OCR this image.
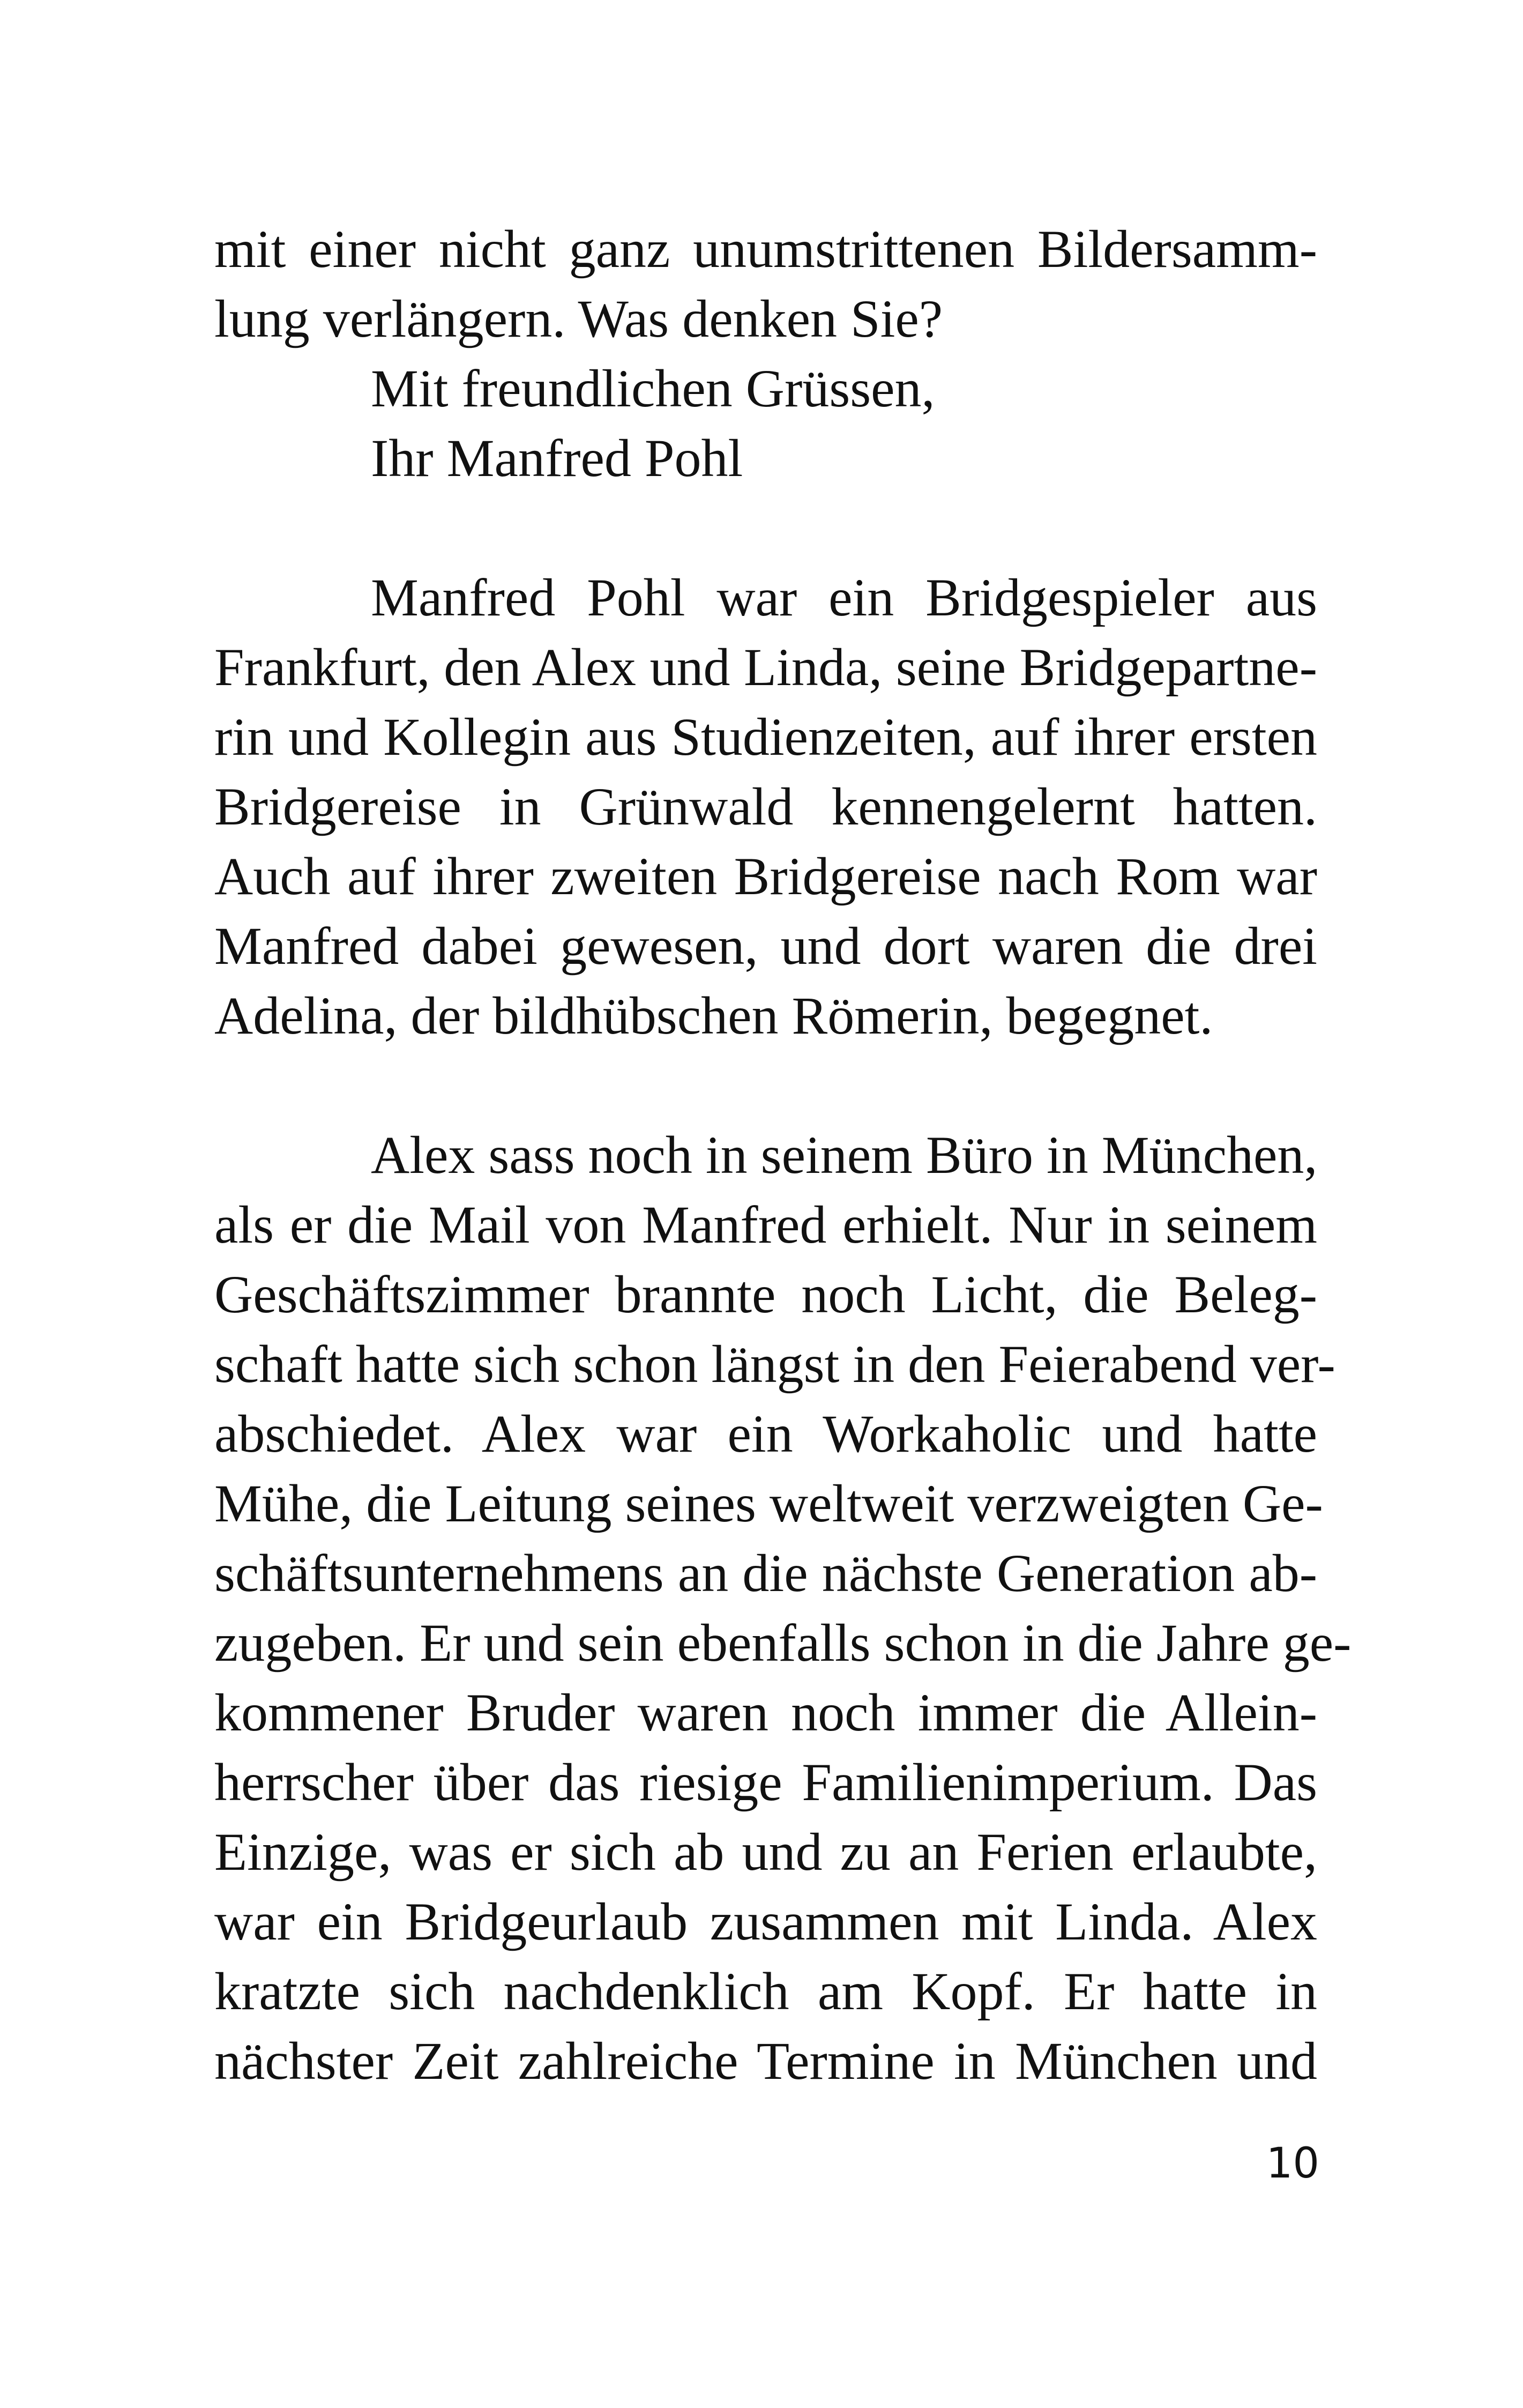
mit einer nicht ganz unumstrittenen Bildersamm-
lung verlängern. Was denken Sie?
Mit freundlichen Grüssen,
Ihr Manfred Pohl
Manfred Pohl war ein Bridgespieler aus
Frankfurt, den Alex und Linda, seine Bridgepartne-
rin und Kollegin aus Studienzeiten, auf ihrer ersten
Bridgereise in Grünwald kennengelernt hatten.
Auch auf ihrer zweiten Bridgereise nach Rom war
Manfred dabei gewesen, und dort waren die drei
Adelina, der bildhübschen Römerin, begegnet.
Alex sass noch in seinem Büro in München,
als er die Mail von Manfred erhielt. Nur in seinem
Geschäftszimmer brannte noch Licht, die Beleg-
schaft hatte sich schon längst in den Feierabend ver-
abschiedet. Alex war ein Workaholic und hatte
Mühe, die Leitung seines weltweit verzweigten Ge-
schäftsunternehmens an die nächste Generation ab-
zugeben. Er und sein ebenfalls schon in die Jahre ge-
kommener Bruder waren noch immer die Allein-
herrscher über das riesige Familienimperium. Das
Einzige, was er sich ab und zu an Ferien erlaubte,
war ein Bridgeurlaub zusammen mit Linda. Alex
kratzte sich nachdenklich am Kopf. Er hatte in
nächster Zeit zahlreiche Termine in München und
10
